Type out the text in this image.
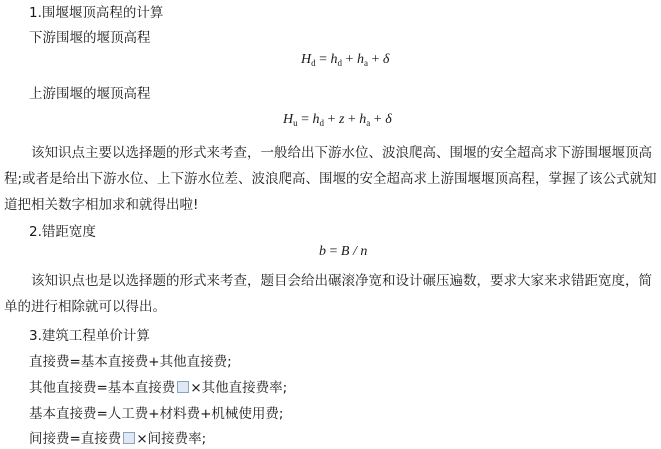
1.围堰堰顶高程的计算
下游围堰的堰顶高程
$H_d = h_d + h_a + \delta$
上游围堰的堰顶高程
$H_u = h_d + z + h_a + \delta$
该知识点主要以选择题的形式来考查，一般给出下游水位、波浪爬高、围堰的安全超高求下游围堰堰顶高程;或者是给出下游水位、上下游水位差、波浪爬高、围堰的安全超高求上游围堰堰顶高程，掌握了该公式就知道把相关数字相加求和就得出啦!
2.错距宽度
b = B / n
该知识点也是以选择题的形式来考查，题目会给出碾滚净宽和设计碾压遍数，要求大家来求错距宽度，简单的进行相除就可以得出。
3.建筑工程单价计算
直接费=基本直接费+其他直接费;
其他直接费=基本直接费 ×其他直接费率;
基本直接费=人工费+材料费+机械使用费;
间接费=直接费 ×间接费率;
